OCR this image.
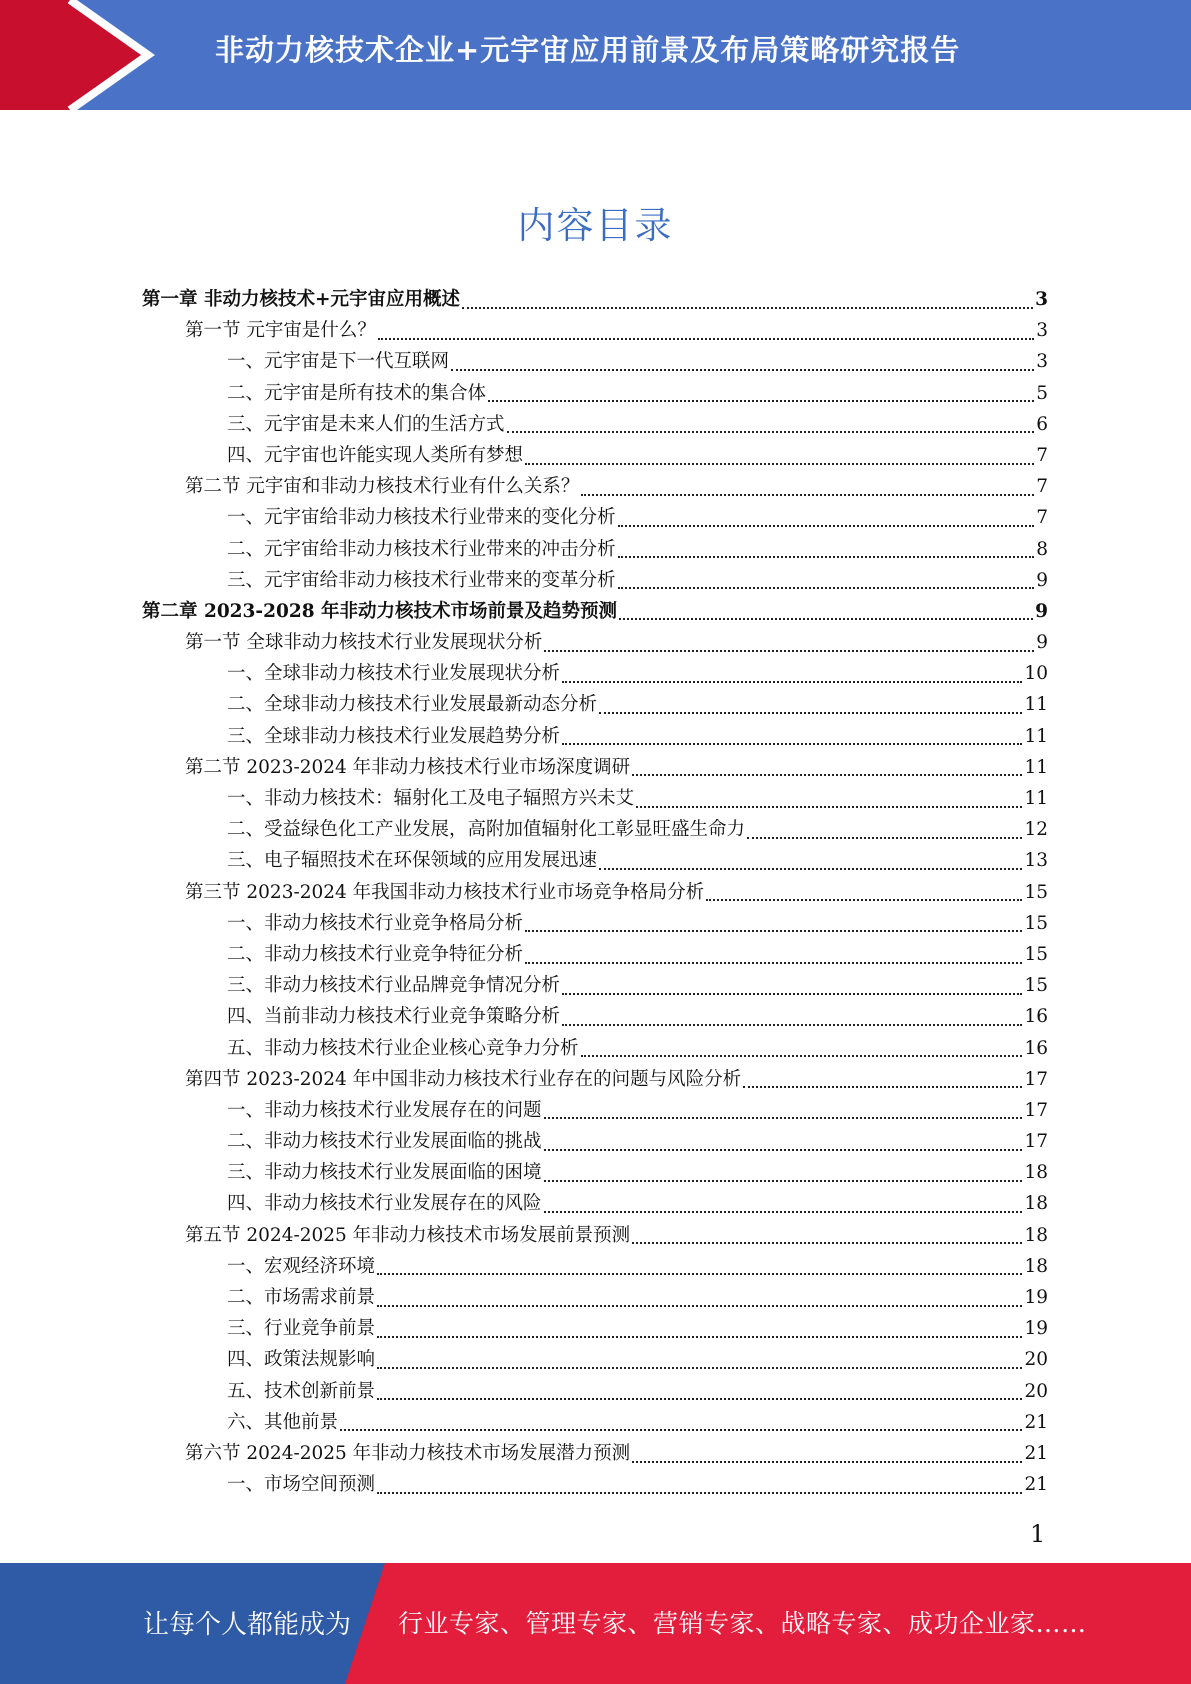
非动力核技术企业+元宇宙应用前景及布局策略研究报告
内容目录
第一章 非动力核技术+元宇宙应用概述	3
第一节 元宇宙是什么？	3
一、元宇宙是下一代互联网	3
二、元宇宙是所有技术的集合体	5
三、元宇宙是未来人们的生活方式	6
四、元宇宙也许能实现人类所有梦想	7
第二节 元宇宙和非动力核技术行业有什么关系？	7
一、元宇宙给非动力核技术行业带来的变化分析	7
二、元宇宙给非动力核技术行业带来的冲击分析	8
三、元宇宙给非动力核技术行业带来的变革分析	9
第二章 2023-2028 年非动力核技术市场前景及趋势预测	9
第一节 全球非动力核技术行业发展现状分析	9
一、全球非动力核技术行业发展现状分析	10
二、全球非动力核技术行业发展最新动态分析	11
三、全球非动力核技术行业发展趋势分析	11
第二节 2023-2024 年非动力核技术行业市场深度调研	11
一、非动力核技术：辐射化工及电子辐照方兴未艾	11
二、受益绿色化工产业发展，高附加值辐射化工彰显旺盛生命力	12
三、电子辐照技术在环保领域的应用发展迅速	13
第三节 2023-2024 年我国非动力核技术行业市场竞争格局分析	15
一、非动力核技术行业竞争格局分析	15
二、非动力核技术行业竞争特征分析	15
三、非动力核技术行业品牌竞争情况分析	15
四、当前非动力核技术行业竞争策略分析	16
五、非动力核技术行业企业核心竞争力分析	16
第四节 2023-2024 年中国非动力核技术行业存在的问题与风险分析	17
一、非动力核技术行业发展存在的问题	17
二、非动力核技术行业发展面临的挑战	17
三、非动力核技术行业发展面临的困境	18
四、非动力核技术行业发展存在的风险	18
第五节 2024-2025 年非动力核技术市场发展前景预测	18
一、宏观经济环境	18
二、市场需求前景	19
三、行业竞争前景	19
四、政策法规影响	20
五、技术创新前景	20
六、其他前景	21
第六节 2024-2025 年非动力核技术市场发展潜力预测	21
一、市场空间预测	21
1
让每个人都能成为 行业专家、管理专家、营销专家、战略专家、成功企业家……
